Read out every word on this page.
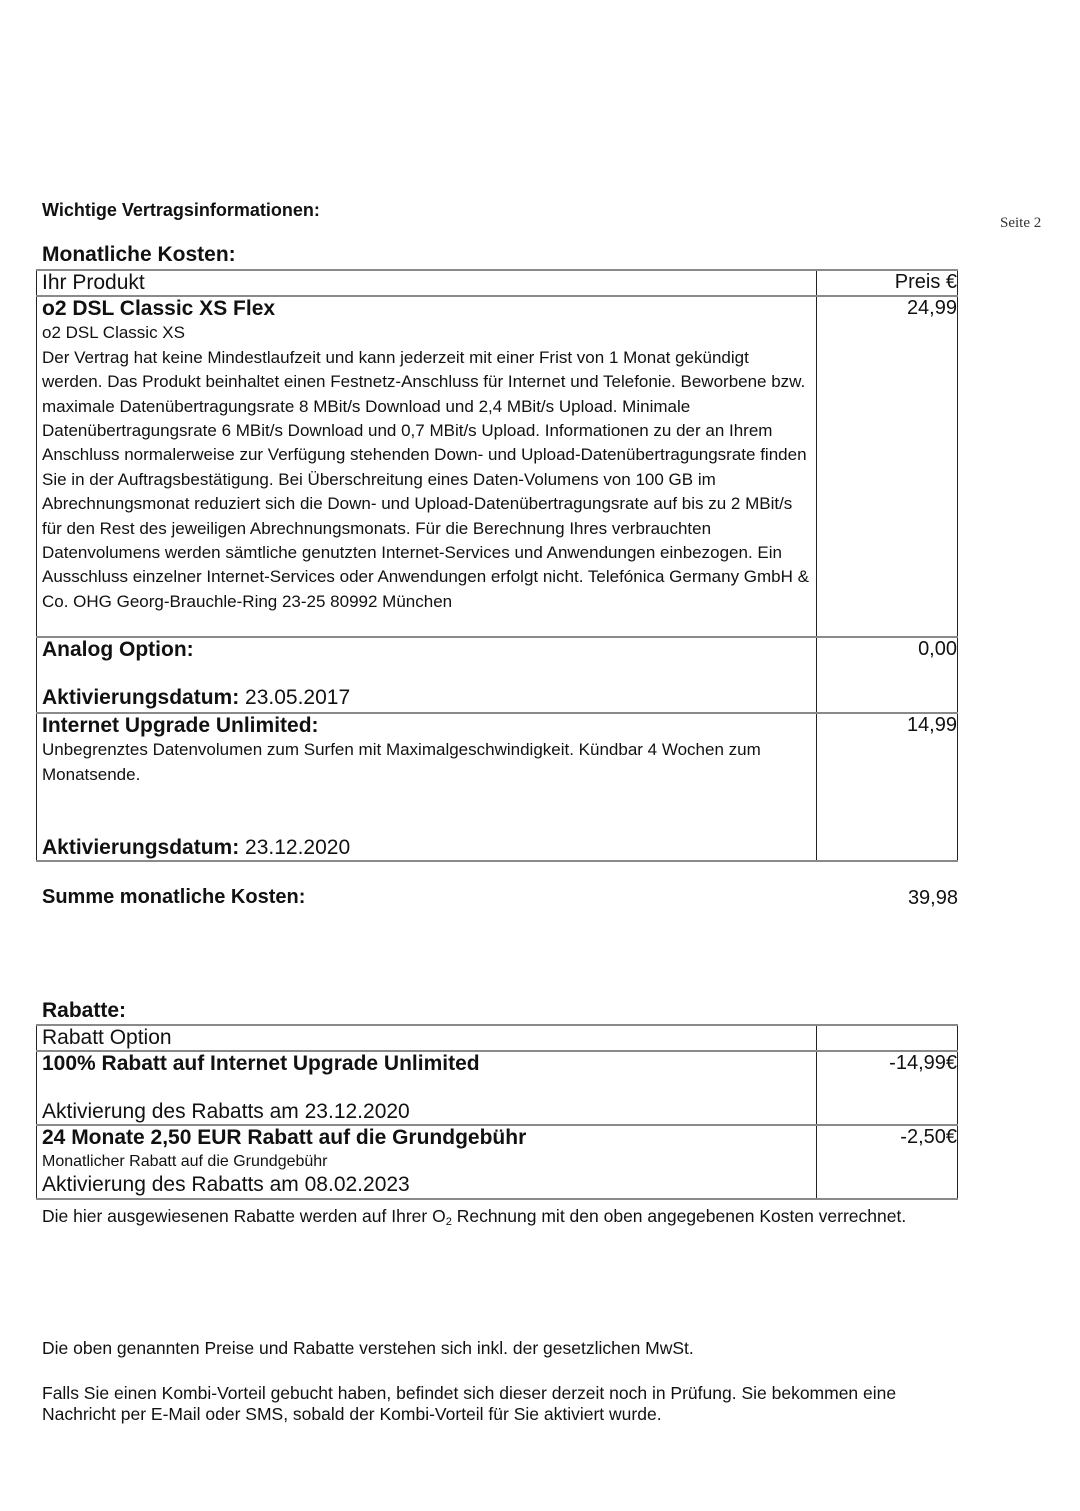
Seite 2
Wichtige Vertragsinformationen:
Monatliche Kosten:
Ihr Produkt	Preis €

o2 DSL Classic XS Flex
o2 DSL Classic XS
Der Vertrag hat keine Mindestlaufzeit und kann jederzeit mit einer Frist von 1 Monat gekündigt werden. Das Produkt beinhaltet einen Festnetz-Anschluss für Internet und Telefonie. Beworbene bzw. maximale Datenübertragungsrate 8 MBit/s Download und 2,4 MBit/s Upload. Minimale Datenübertragungsrate 6 MBit/s Download und 0,7 MBit/s Upload. Informationen zu der an Ihrem Anschluss normalerweise zur Verfügung stehenden Down- und Upload-Datenübertragungsrate finden Sie in der Auftragsbestätigung. Bei Überschreitung eines Daten-Volumens von 100 GB im Abrechnungsmonat reduziert sich die Down- und Upload-Datenübertragungsrate auf bis zu 2 MBit/s für den Rest des jeweiligen Abrechnungsmonats. Für die Berechnung Ihres verbrauchten Datenvolumens werden sämtliche genutzten Internet-Services und Anwendungen einbezogen. Ein Ausschluss einzelner Internet-Services oder Anwendungen erfolgt nicht. Telefónica Germany GmbH & Co. OHG Georg-Brauchle-Ring 23-25 80992 München	24,99

Analog Option:
Aktivierungsdatum: 23.05.2017	0,00

Internet Upgrade Unlimited:
Unbegrenztes Datenvolumen zum Surfen mit Maximalgeschwindigkeit. Kündbar 4 Wochen zum Monatsende.
Aktivierungsdatum: 23.12.2020	14,99
Summe monatliche Kosten:	39,98
Rabatte:
Rabatt Option	

100% Rabatt auf Internet Upgrade Unlimited
Aktivierung des Rabatts am 23.12.2020	-14,99€

24 Monate 2,50 EUR Rabatt auf die Grundgebühr
Monatlicher Rabatt auf die Grundgebühr
Aktivierung des Rabatts am 08.02.2023	-2,50€
Die hier ausgewiesenen Rabatte werden auf Ihrer $O_2$ Rechnung mit den oben angegebenen Kosten verrechnet.
Die oben genannten Preise und Rabatte verstehen sich inkl. der gesetzlichen MwSt.
Falls Sie einen Kombi-Vorteil gebucht haben, befindet sich dieser derzeit noch in Prüfung. Sie bekommen eine Nachricht per E-Mail oder SMS, sobald der Kombi-Vorteil für Sie aktiviert wurde.
